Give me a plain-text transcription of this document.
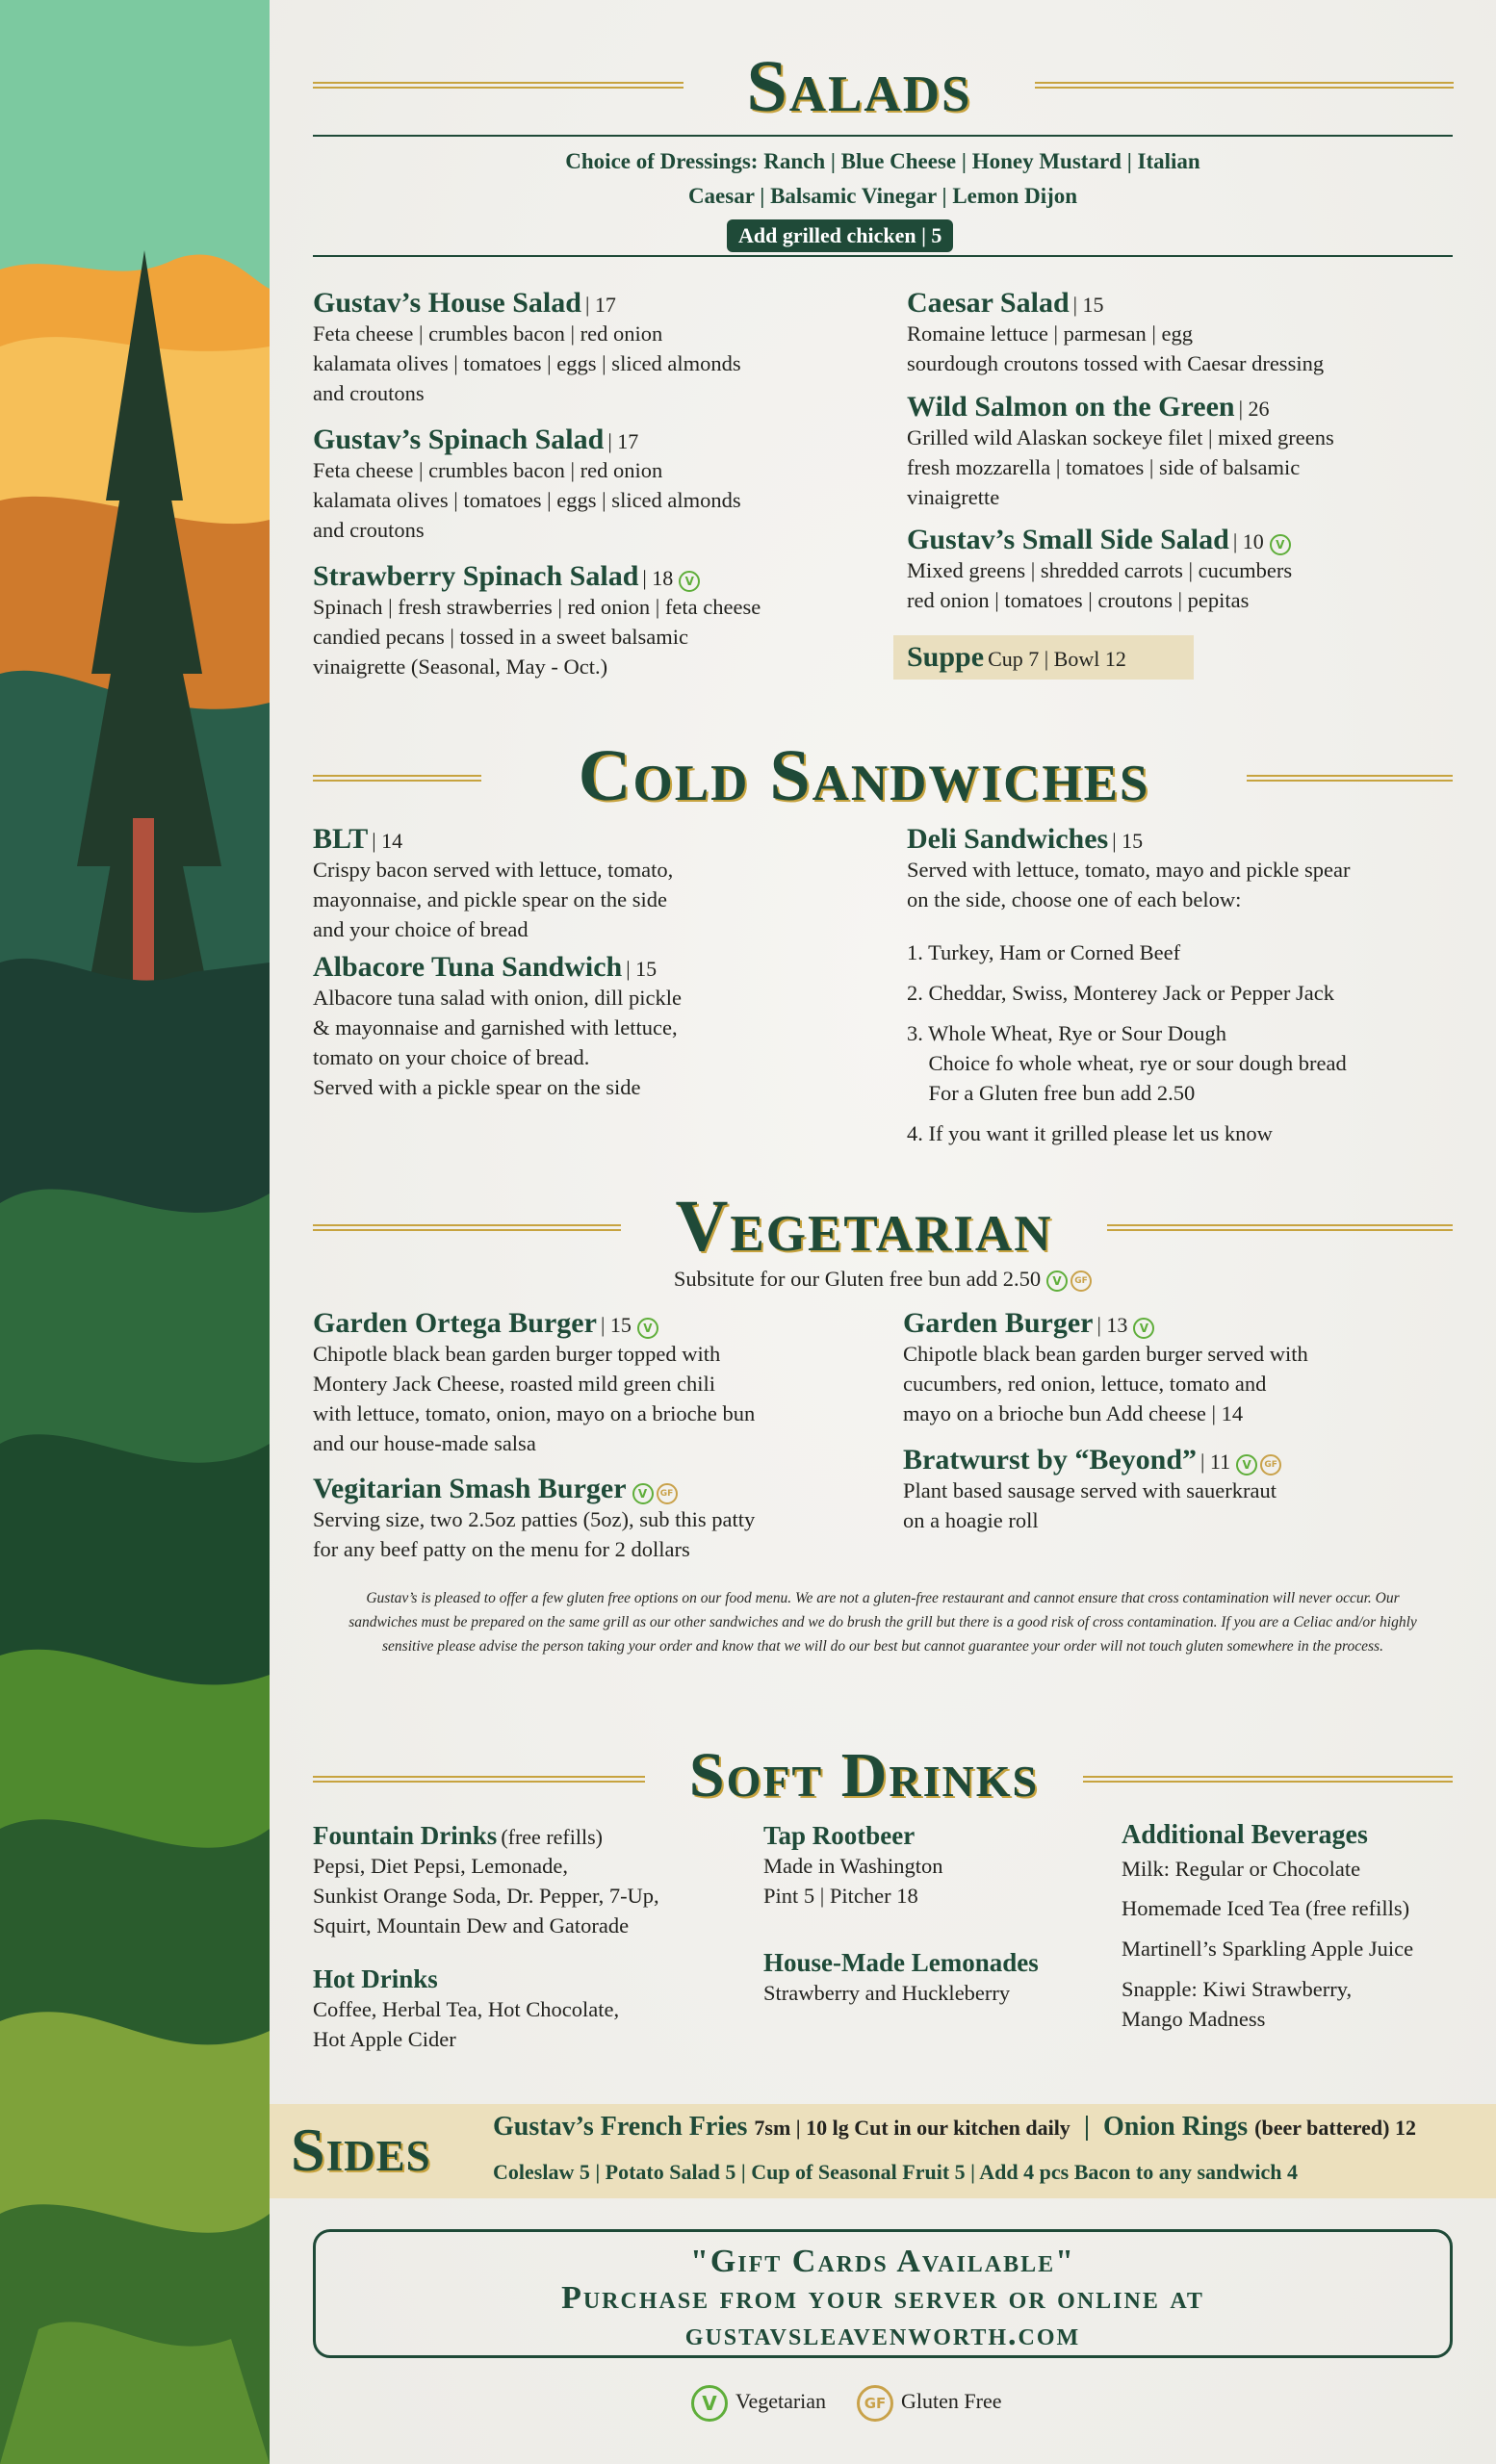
Salads
Choice of Dressings: Ranch | Blue Cheese | Honey Mustard | Italian
Caesar | Balsamic Vinegar | Lemon Dijon
Add grilled chicken | 5
Gustav’s House Salad | 17
Feta cheese | crumbles bacon | red onion
kalamata olives | tomatoes | eggs | sliced almonds
and croutons
Gustav’s Spinach Salad | 17
Feta cheese | crumbles bacon | red onion
kalamata olives | tomatoes | eggs | sliced almonds
and croutons
Strawberry Spinach Salad | 18 V
Spinach | fresh strawberries | red onion | feta cheese
candied pecans | tossed in a sweet balsamic
vinaigrette (Seasonal, May - Oct.)
Caesar Salad | 15
Romaine lettuce | parmesan | egg
sourdough croutons tossed with Caesar dressing
Wild Salmon on the Green | 26
Grilled wild Alaskan sockeye filet | mixed greens
fresh mozzarella | tomatoes | side of balsamic
vinaigrette
Gustav’s Small Side Salad | 10 V
Mixed greens | shredded carrots | cucumbers
red onion | tomatoes | croutons | pepitas
Suppe Cup 7 | Bowl 12
Cold Sandwiches
BLT | 14
Crispy bacon served with lettuce, tomato,
mayonnaise, and pickle spear on the side
and your choice of bread
Albacore Tuna Sandwich | 15
Albacore tuna salad with onion, dill pickle
& mayonnaise and garnished with lettuce,
tomato on your choice of bread.
Served with a pickle spear on the side
Deli Sandwiches | 15
Served with lettuce, tomato, mayo and pickle spear
on the side, choose one of each below:
1. Turkey, Ham or Corned Beef
2. Cheddar, Swiss, Monterey Jack or Pepper Jack
3. Whole Wheat, Rye or Sour Dough
Choice fo whole wheat, rye or sour dough bread
For a Gluten free bun add 2.50
4. If you want it grilled please let us know
Vegetarian
Subsitute for our Gluten free bun add 2.50 V GF
Garden Ortega Burger | 15 V
Chipotle black bean garden burger topped with
Montery Jack Cheese, roasted mild green chili
with lettuce, tomato, onion, mayo on a brioche bun
and our house-made salsa
Vegitarian Smash Burger V GF
Serving size, two 2.5oz patties (5oz), sub this patty
for any beef patty on the menu for 2 dollars
Garden Burger | 13 V
Chipotle black bean garden burger served with
cucumbers, red onion, lettuce, tomato and
mayo on a brioche bun Add cheese | 14
Bratwurst by “Beyond” | 11 V GF
Plant based sausage served with sauerkraut
on a hoagie roll
Gustav’s is pleased to offer a few gluten free options on our food menu. We are not a gluten-free restaurant and cannot ensure that cross contamination will never occur. Our sandwiches must be prepared on the same grill as our other sandwiches and we do brush the grill but there is a good risk of cross contamination. If you are a Celiac and/or highly sensitive please advise the person taking your order and know that we will do our best but cannot guarantee your order will not touch gluten somewhere in the process.
Soft Drinks
Fountain Drinks (free refills)
Pepsi, Diet Pepsi, Lemonade,
Sunkist Orange Soda, Dr. Pepper, 7-Up,
Squirt, Mountain Dew and Gatorade
Hot Drinks
Coffee, Herbal Tea, Hot Chocolate,
Hot Apple Cider
Tap Rootbeer
Made in Washington
Pint 5 | Pitcher 18
House-Made Lemonades
Strawberry and Huckleberry
Additional Beverages
Milk: Regular or Chocolate
Homemade Iced Tea (free refills)
Martinell’s Sparkling Apple Juice
Snapple: Kiwi Strawberry,
Mango Madness
Sides Gustav’s French Fries 7sm | 10 lg Cut in our kitchen daily  |  Onion Rings (beer battered) 12
Coleslaw 5 | Potato Salad 5 | Cup of Seasonal Fruit 5 | Add 4 pcs Bacon to any sandwich 4
"Gift Cards Available"
Purchase from your server or online at
gustavsleavenworth.com
V Vegetarian	GF Gluten Free
